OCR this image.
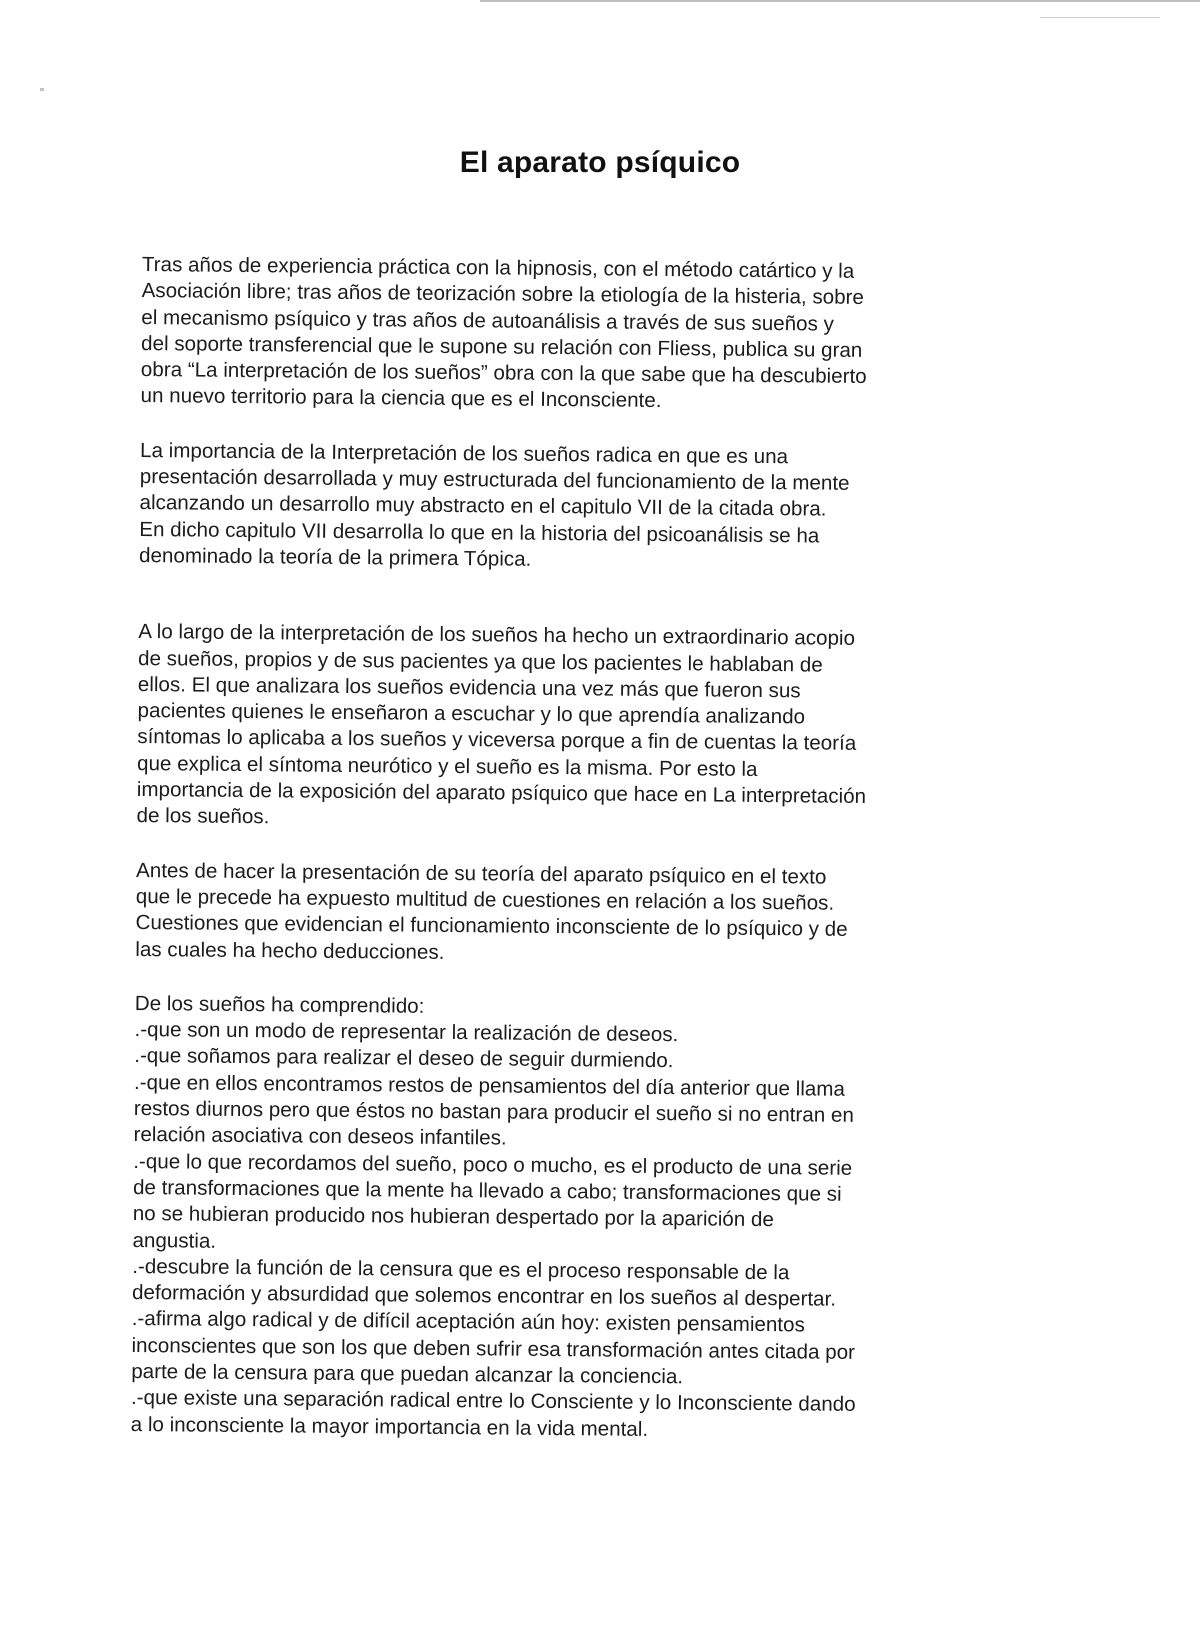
El aparato psíquico
Tras años de experiencia práctica con la hipnosis, con el método catártico y la
Asociación libre; tras años de teorización sobre la etiología de la histeria, sobre
el mecanismo psíquico y tras años de autoanálisis a través de sus sueños y
del soporte transferencial que le supone su relación con Fliess, publica su gran
obra “La interpretación de los sueños” obra con la que sabe que ha descubierto
un nuevo territorio para la ciencia que es el Inconsciente.
La importancia de la Interpretación de los sueños radica en que es una
presentación desarrollada y muy estructurada del funcionamiento de la mente
alcanzando un desarrollo muy abstracto en el capitulo VII de la citada obra.
En dicho capitulo VII desarrolla lo que en la historia del psicoanálisis se ha
denominado la teoría de la primera Tópica.
A lo largo de la interpretación de los sueños ha hecho un extraordinario acopio
de sueños, propios y de sus pacientes ya que los pacientes le hablaban de
ellos. El que analizara los sueños evidencia una vez más que fueron sus
pacientes quienes le enseñaron a escuchar y lo que aprendía analizando
síntomas lo aplicaba a los sueños y viceversa porque a fin de cuentas la teoría
que explica el síntoma neurótico y el sueño es la misma. Por esto la
importancia de la exposición del aparato psíquico que hace en La interpretación
de los sueños.
Antes de hacer la presentación de su teoría del aparato psíquico en el texto
que le precede ha expuesto multitud de cuestiones en relación a los sueños.
Cuestiones que evidencian el funcionamiento inconsciente de lo psíquico y de
las cuales ha hecho deducciones.
De los sueños ha comprendido:
.-que son un modo de representar la realización de deseos.
.-que soñamos para realizar el deseo de seguir durmiendo.
.-que en ellos encontramos restos de pensamientos del día anterior que llama
restos diurnos pero que éstos no bastan para producir el sueño si no entran en
relación asociativa con deseos infantiles.
.-que lo que recordamos del sueño, poco o mucho, es el producto de una serie
de transformaciones que la mente ha llevado a cabo; transformaciones que si
no se hubieran producido nos hubieran despertado por la aparición de
angustia.
.-descubre la función de la censura que es el proceso responsable de la
deformación y absurdidad que solemos encontrar en los sueños al despertar.
.-afirma algo radical y de difícil aceptación aún hoy: existen pensamientos
inconscientes que son los que deben sufrir esa transformación antes citada por
parte de la censura para que puedan alcanzar la conciencia.
.-que existe una separación radical entre lo Consciente y lo Inconsciente dando
a lo inconsciente la mayor importancia en la vida mental.
